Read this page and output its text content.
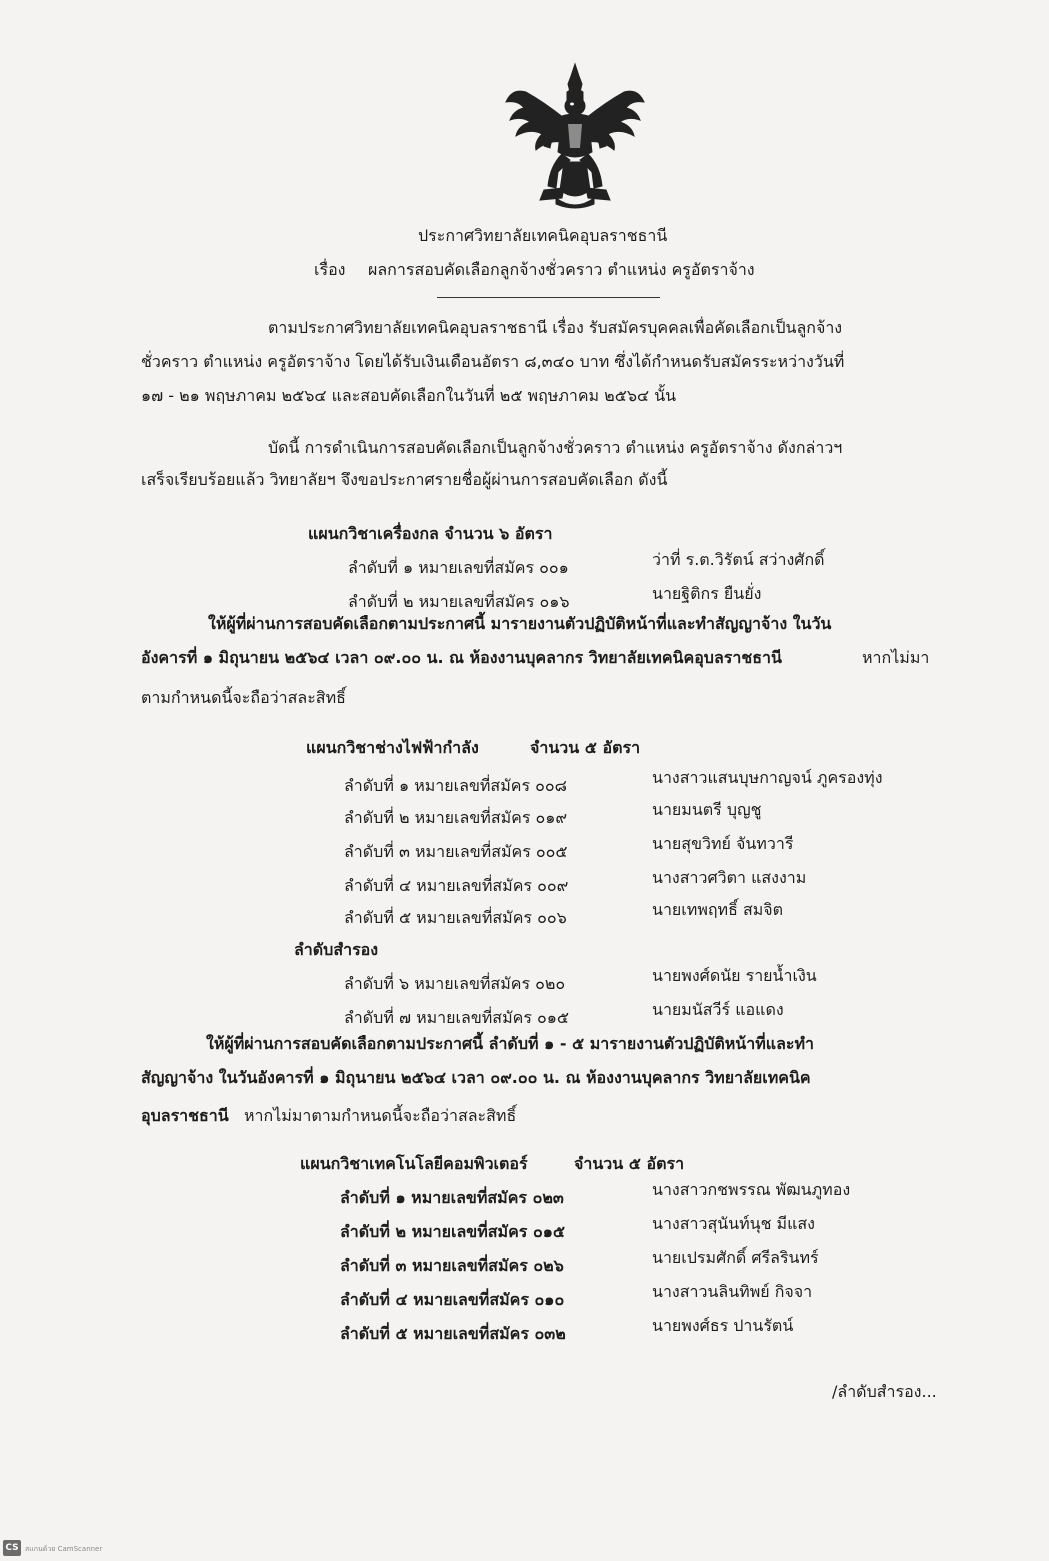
ประกาศวิทยาลัยเทคนิคอุบลราชธานี
เรื่อง ผลการสอบคัดเลือกลูกจ้างชั่วคราว ตำแหน่ง ครูอัตราจ้าง
ตามประกาศวิทยาลัยเทคนิคอุบลราชธานี เรื่อง รับสมัครบุคคลเพื่อคัดเลือกเป็นลูกจ้าง
ชั่วคราว ตำแหน่ง ครูอัตราจ้าง โดยได้รับเงินเดือนอัตรา ๘,๓๔๐ บาท ซึ่งได้กำหนดรับสมัครระหว่างวันที่
๑๗ - ๒๑ พฤษภาคม ๒๕๖๔ และสอบคัดเลือกในวันที่ ๒๕ พฤษภาคม ๒๕๖๔ นั้น
บัดนี้ การดำเนินการสอบคัดเลือกเป็นลูกจ้างชั่วคราว ตำแหน่ง ครูอัตราจ้าง ดังกล่าวฯ
เสร็จเรียบร้อยแล้ว วิทยาลัยฯ จึงขอประกาศรายชื่อผู้ผ่านการสอบคัดเลือก ดังนี้
แผนกวิชาเครื่องกล จำนวน ๖ อัตรา
ลำดับที่ ๑ หมายเลขที่สมัคร ๐๐๑	ว่าที่ ร.ต.วิรัตน์ สว่างศักดิ์
ลำดับที่ ๒ หมายเลขที่สมัคร ๐๑๖	นายฐิติกร ยืนยั่ง
ให้ผู้ที่ผ่านการสอบคัดเลือกตามประกาศนี้ มารายงานตัวปฏิบัติหน้าที่และทำสัญญาจ้าง ในวัน
อังคารที่ ๑ มิถุนายน ๒๕๖๔ เวลา ๐๙.๐๐ น. ณ ห้องงานบุคลากร วิทยาลัยเทคนิคอุบลราชธานี	หากไม่มา
ตามกำหนดนี้จะถือว่าสละสิทธิ์
แผนกวิชาช่างไฟฟ้ากำลัง	จำนวน ๕ อัตรา
ลำดับที่ ๑ หมายเลขที่สมัคร ๐๐๘	นางสาวแสนบุษกาญจน์ ภูครองทุ่ง
ลำดับที่ ๒ หมายเลขที่สมัคร ๐๑๙	นายมนตรี บุญชู
ลำดับที่ ๓ หมายเลขที่สมัคร ๐๐๕	นายสุขวิทย์ จันทวารี
ลำดับที่ ๔ หมายเลขที่สมัคร ๐๐๙	นางสาวศวิตา แสงงาม
ลำดับที่ ๕ หมายเลขที่สมัคร ๐๐๖	นายเทพฤทธิ์ สมจิต
ลำดับสำรอง
ลำดับที่ ๖ หมายเลขที่สมัคร ๐๒๐	นายพงศ์ดนัย รายน้ำเงิน
ลำดับที่ ๗ หมายเลขที่สมัคร ๐๑๕	นายมนัสวีร์ แอแดง
ให้ผู้ที่ผ่านการสอบคัดเลือกตามประกาศนี้ ลำดับที่ ๑ - ๕ มารายงานตัวปฏิบัติหน้าที่และทำ
สัญญาจ้าง ในวันอังคารที่ ๑ มิถุนายน ๒๕๖๔ เวลา ๐๙.๐๐ น. ณ ห้องงานบุคลากร วิทยาลัยเทคนิค
อุบลราชธานี หากไม่มาตามกำหนดนี้จะถือว่าสละสิทธิ์
แผนกวิชาเทคโนโลยีคอมพิวเตอร์	จำนวน ๕ อัตรา
ลำดับที่ ๑ หมายเลขที่สมัคร ๐๒๓	นางสาวกชพรรณ พัฒนภูทอง
ลำดับที่ ๒ หมายเลขที่สมัคร ๐๑๕	นางสาวสุนันท์นุช มีแสง
ลำดับที่ ๓ หมายเลขที่สมัคร ๐๒๖	นายเปรมศักดิ์ ศรีลรินทร์
ลำดับที่ ๔ หมายเลขที่สมัคร ๐๑๐	นางสาวนลินทิพย์ กิจจา
ลำดับที่ ๕ หมายเลขที่สมัคร ๐๓๒	นายพงศ์ธร ปานรัตน์
/ลำดับสำรอง...
CS สแกนด้วย CamScanner
